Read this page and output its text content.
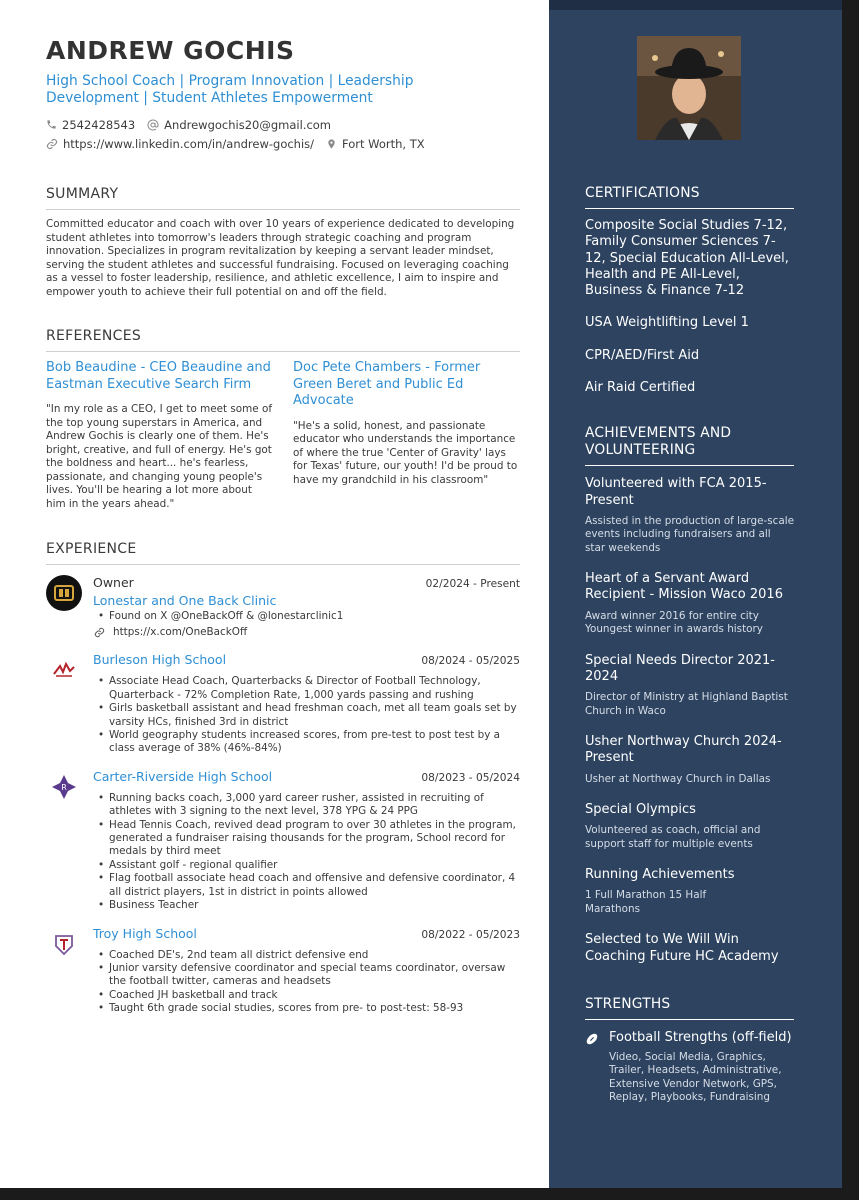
ANDREW GOCHIS
High School Coach | Program Innovation | Leadership Development | Student Athletes Empowerment
2542428543	Andrewgochis20@gmail.com
https://www.linkedin.com/in/andrew-gochis/ Fort Worth, TX
SUMMARY
Committed educator and coach with over 10 years of experience dedicated to developing student athletes into tomorrow's leaders through strategic coaching and program innovation. Specializes in program revitalization by keeping a servant leader mindset, serving the student athletes and successful fundraising. Focused on leveraging coaching as a vessel to foster leadership, resilience, and athletic excellence, I aim to inspire and empower youth to achieve their full potential on and off the field.
REFERENCES
Bob Beaudine - CEO Beaudine and Eastman Executive Search Firm
"In my role as a CEO, I get to meet some of the top young superstars in America, and Andrew Gochis is clearly one of them. He's bright, creative, and full of energy. He's got the boldness and heart... he's fearless, passionate, and changing young people's lives. You'll be hearing a lot more about him in the years ahead."
Doc Pete Chambers - Former Green Beret and Public Ed Advocate
"He's a solid, honest, and passionate educator who understands the importance of where the true 'Center of Gravity' lays for Texas' future, our youth! I'd be proud to have my grandchild in his classroom"
EXPERIENCE
Owner	02/2024 - Present
Lonestar and One Back Clinic
• Found on X @OneBackOff & @lonestarclinic1
https://x.com/OneBackOff
Burleson High School	08/2024 - 05/2025
• Associate Head Coach, Quarterbacks & Director of Football Technology, Quarterback - 72% Completion Rate, 1,000 yards passing and rushing
• Girls basketball assistant and head freshman coach, met all team goals set by varsity HCs, finished 3rd in district
• World geography students increased scores, from pre-test to post test by a class average of 38% (46%-84%)
R
Carter-Riverside High School	08/2023 - 05/2024
• Running backs coach, 3,000 yard career rusher, assisted in recruiting of athletes with 3 signing to the next level, 378 YPG & 24 PPG
• Head Tennis Coach, revived dead program to over 30 athletes in the program, generated a fundraiser raising thousands for the program, School record for medals by third meet
• Assistant golf - regional qualifier
• Flag football associate head coach and offensive and defensive coordinator, 4 all district players, 1st in district in points allowed
• Business Teacher
Troy High School	08/2022 - 05/2023
• Coached DE's, 2nd team all district defensive end
• Junior varsity defensive coordinator and special teams coordinator, oversaw the football twitter, cameras and headsets
• Coached JH basketball and track
• Taught 6th grade social studies, scores from pre- to post-test: 58-93
CERTIFICATIONS
Composite Social Studies 7-12, Family Consumer Sciences 7-12, Special Education All-Level, Health and PE All-Level, Business & Finance 7-12
USA Weightlifting Level 1
CPR/AED/First Aid
Air Raid Certified
ACHIEVEMENTS AND VOLUNTEERING
Volunteered with FCA 2015-Present
Assisted in the production of large-scale events including fundraisers and all star weekends
Heart of a Servant Award Recipient - Mission Waco 2016
Award winner 2016 for entire city Youngest winner in awards history
Special Needs Director 2021-2024
Director of Ministry at Highland Baptist Church in Waco
Usher Northway Church 2024-Present
Usher at Northway Church in Dallas
Special Olympics
Volunteered as coach, official and support staff for multiple events
Running Achievements
1 Full Marathon 15 Half Marathons
Selected to We Will Win Coaching Future HC Academy
STRENGTHS
Football Strengths (off-field)
Video, Social Media, Graphics, Trailer, Headsets, Administrative, Extensive Vendor Network, GPS, Replay, Playbooks, Fundraising
